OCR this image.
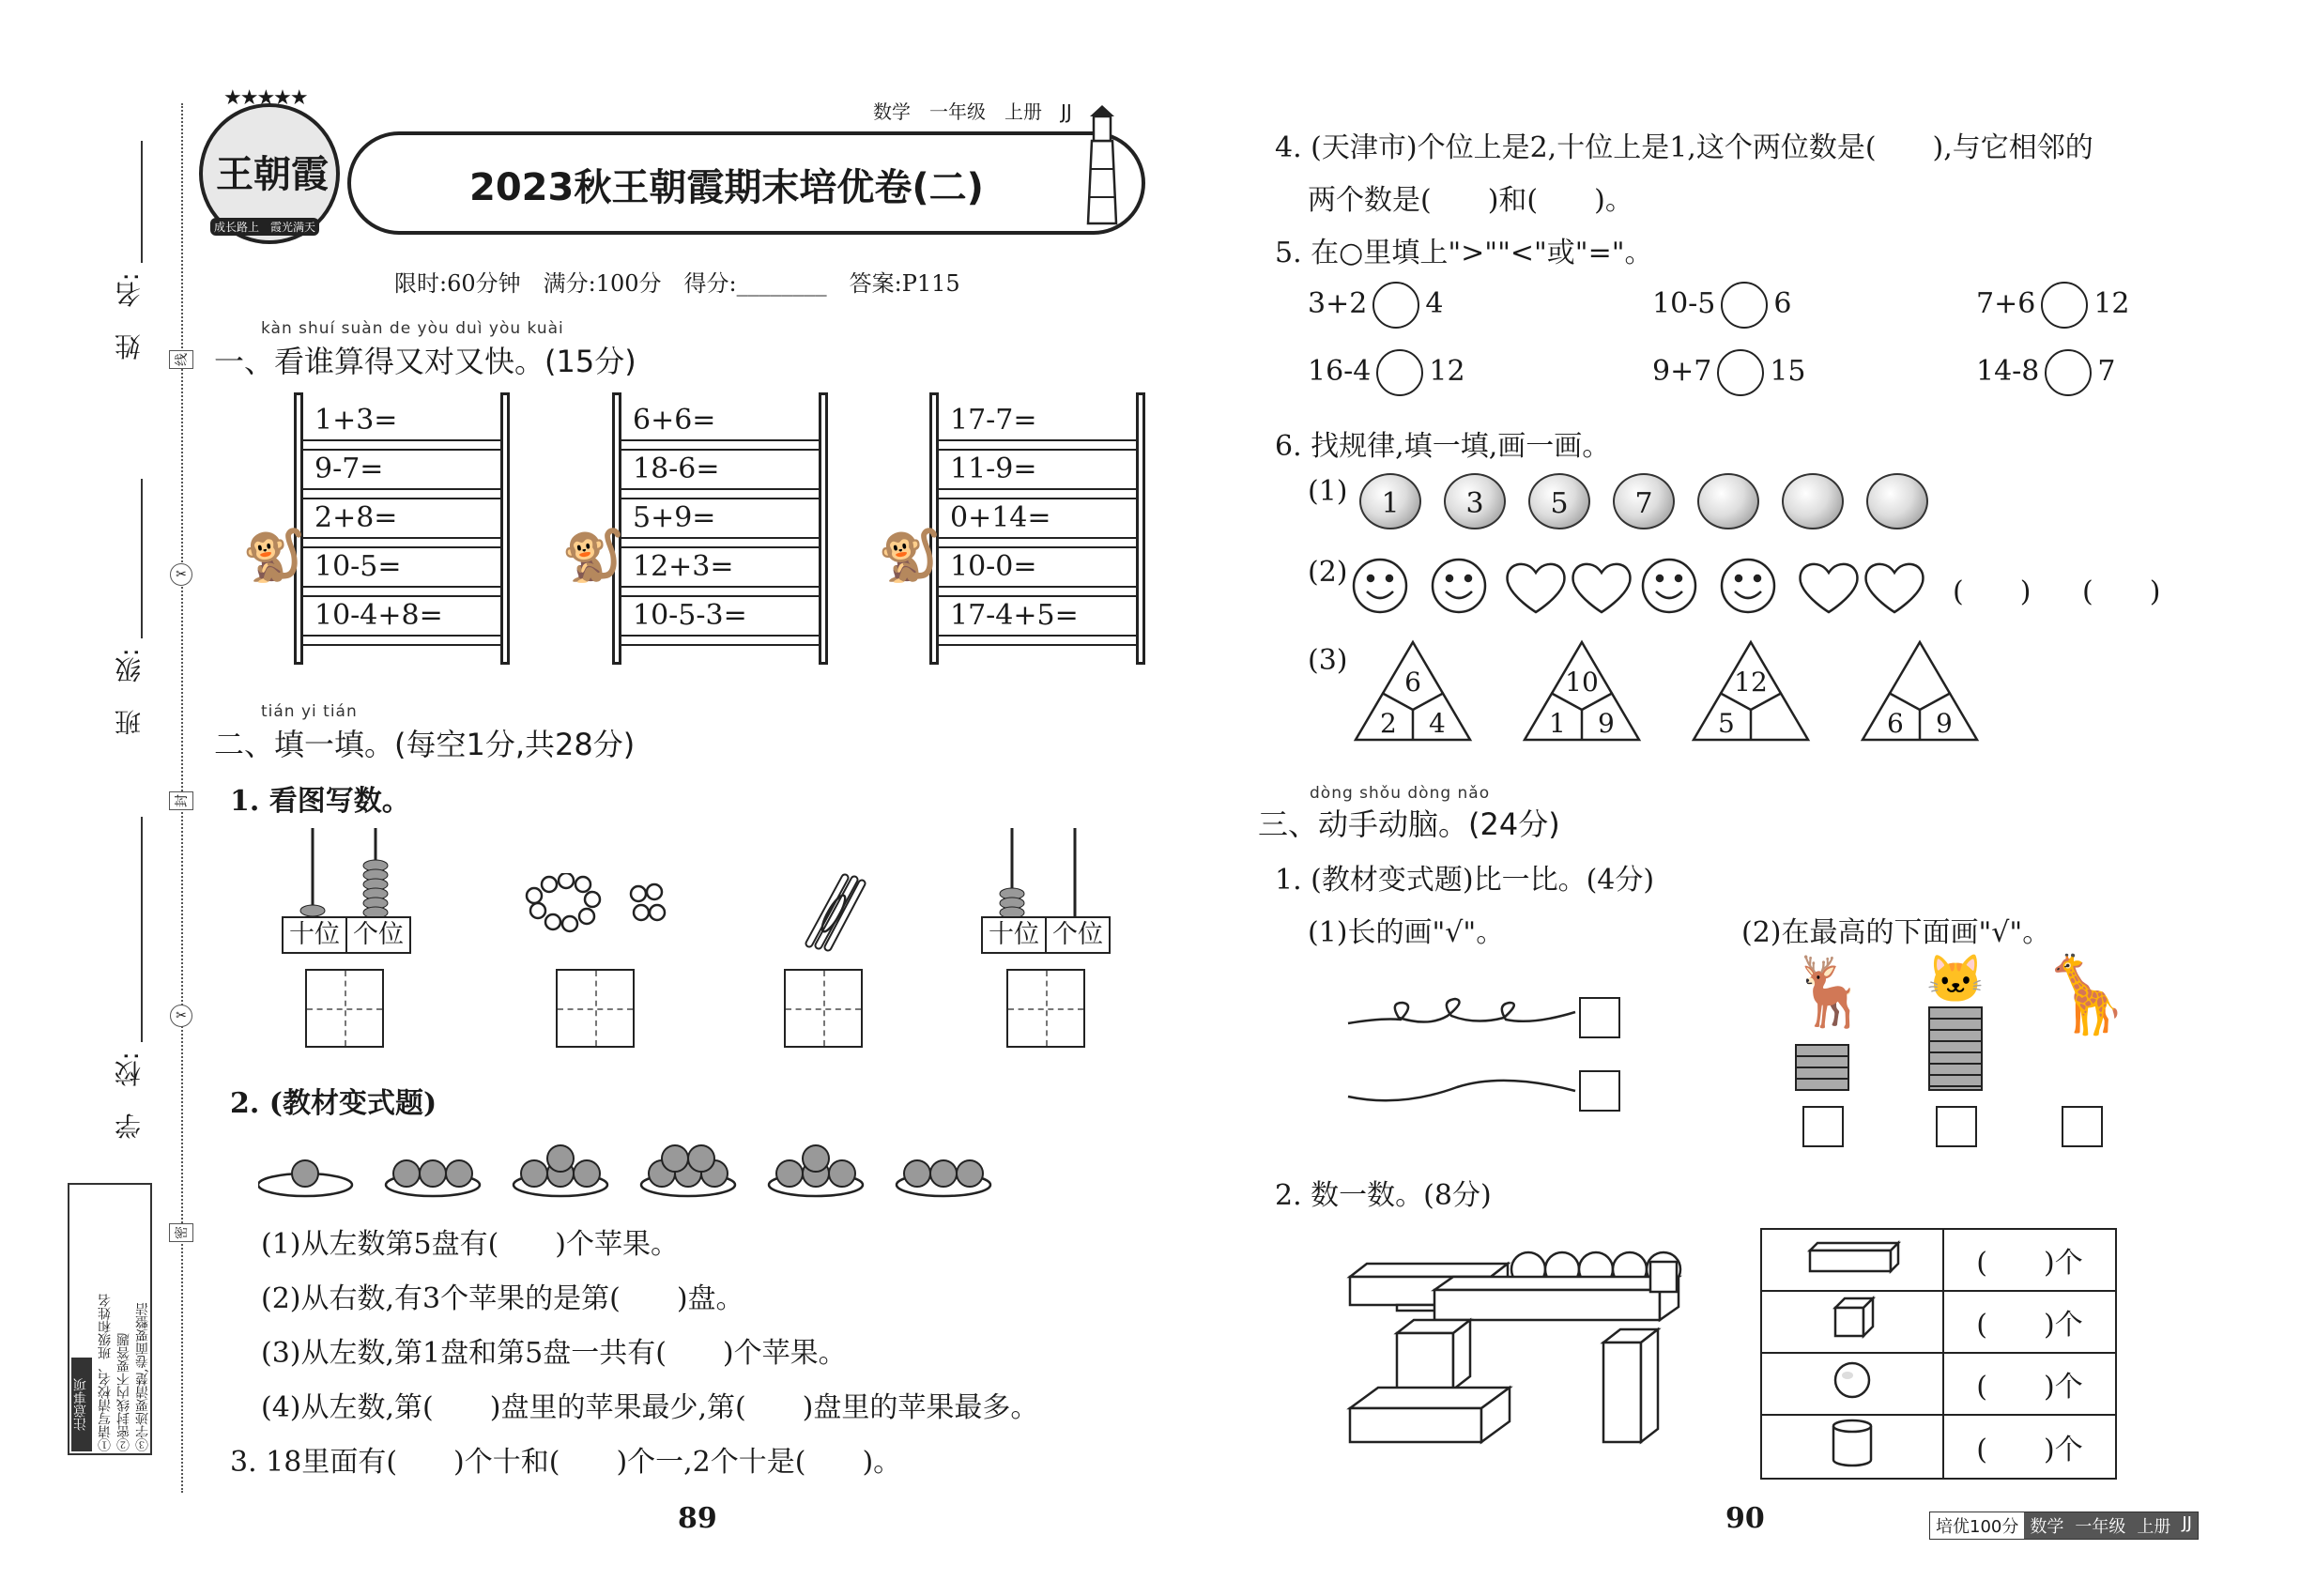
姓　名:
班　级:
学　校:
线
封
密
✂
✂
注意事项 ①请写清校名、班级和姓名 ②密封线内不要答题 ③字迹要清楚,卷面要整洁
★★★★★
王朝霞
成长路上　 霞光满天
数学　 一年级　 上册　 JJ
2023秋王朝霞期末培优卷(二)
限时:60分钟　满分:100分　得分:________　答案:P115
kàn shuí suàn de yòu duì yòu kuài
一、看谁算得又对又快。(15分)
1+3=
9-7=
2+8=
10-5=
10-4+8=
🐒
6+6=
18-6=
5+9=
12+3=
10-5-3=
🐒
17-7=
11-9=
0+14=
10-0=
17-4+5=
🐒
tián yi tián
二、填一填。(每空1分,共28分)
1. 看图写数。
十位 个位	十位 个位
2. (教材变式题)
(1)从左数第5盘有(　　)个苹果。
(2)从右数,有3个苹果的是第(　　)盘。
(3)从左数,第1盘和第5盘一共有(　　)个苹果。
(4)从左数,第(　　)盘里的苹果最少,第(　　)盘里的苹果最多。
3. 18里面有(　　)个十和(　　)个一,2个十是(　　)。
4. (天津市)个位上是2,十位上是1,这个两位数是(　　),与它相邻的
两个数是(　　)和(　　)。
5. 在○里填上">""<"或"="。
3+2 4	10-5 6	7+6 12
16-4 12	9+7 15	14-8 7
6. 找规律,填一填,画一画。
(1)	1	3	5	7
(2)
(　　) (　　)
(3)
6
2 4
10
1 9
12
5	6 9
dòng shǒu dòng nǎo
三、动手动脑。(24分)
1. (教材变式题)比一比。(4分)
(1)长的画"√"。	(2)在最高的下面画"√"。
🦌 🐱 🦒
2. 数一数。(8分)
	(　　)个
	(　　)个
	(　　)个
	(　　)个
89	90	培优100分 数学 一年级 上册 JJ
